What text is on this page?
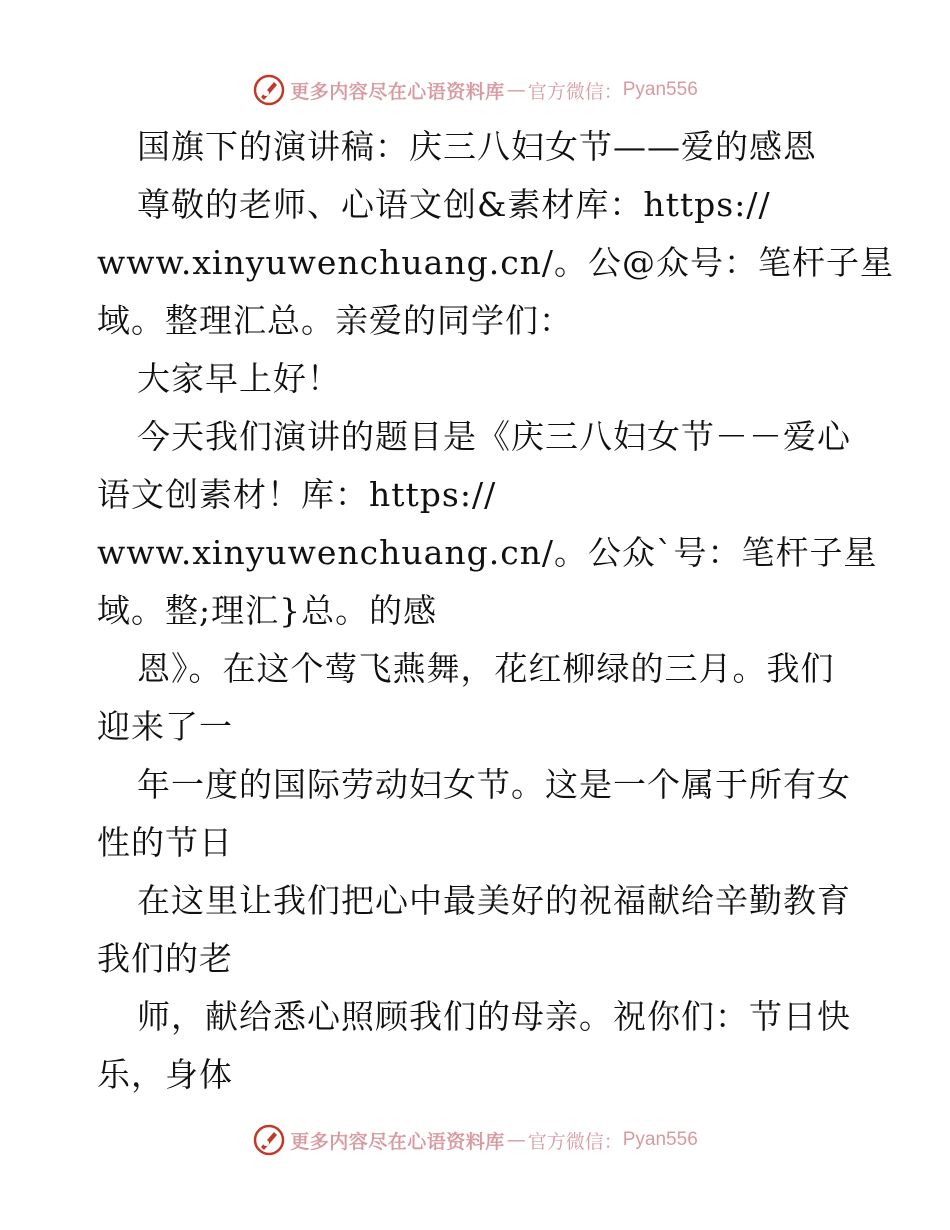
更多内容尽在心语资料库 — 官方微信： Pyan556
国旗下的演讲稿：庆三八妇女节——爱的感恩
尊敬的老师、心语文创&素材库：https://
www.xinyuwenchuang.cn/。公@众号：笔杆子星
域。整理汇总。亲爱的同学们：
大家早上好！
今天我们演讲的题目是《庆三八妇女节－－爱心
语文创素材！库：https://
www.xinyuwenchuang.cn/。公众`号：笔杆子星
域。整;理汇}总。的感
恩》。在这个莺飞燕舞，花红柳绿的三月。我们
迎来了一
年一度的国际劳动妇女节。这是一个属于所有女
性的节日
在这里让我们把心中最美好的祝福献给辛勤教育
我们的老
师，献给悉心照顾我们的母亲。祝你们：节日快
乐，身体
更多内容尽在心语资料库 — 官方微信： Pyan556
